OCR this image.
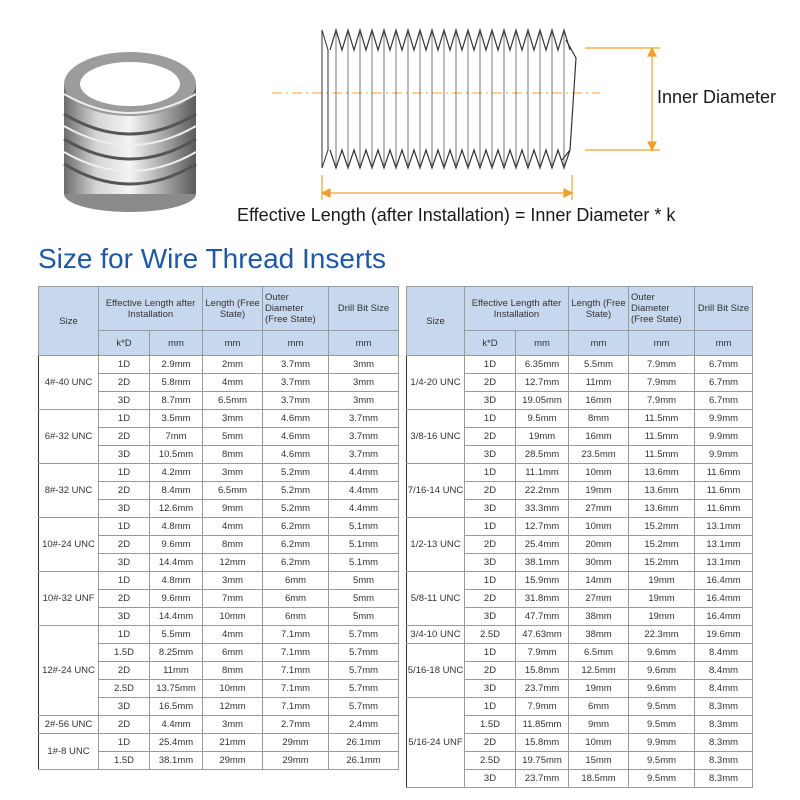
Inner Diameter
Effective Length (after Installation) = Inner Diameter * k
Size for Wire Thread Inserts
Size	Effective Length after Installation		Length (Free State)	Outer Diameter (Free State)	Drill Bit Size
	k*D	mm	mm	mm	mm
4#-40 UNC	1D	2.9mm	2mm	3.7mm	3mm
	2D	5.8mm	4mm	3.7mm	3mm
	3D	8.7mm	6.5mm	3.7mm	3mm
6#-32 UNC	1D	3.5mm	3mm	4.6mm	3.7mm
	2D	7mm	5mm	4.6mm	3.7mm
	3D	10.5mm	8mm	4.6mm	3.7mm
8#-32 UNC	1D	4.2mm	3mm	5.2mm	4.4mm
	2D	8.4mm	6.5mm	5.2mm	4.4mm
	3D	12.6mm	9mm	5.2mm	4.4mm
10#-24 UNC	1D	4.8mm	4mm	6.2mm	5.1mm
	2D	9.6mm	8mm	6.2mm	5.1mm
	3D	14.4mm	12mm	6.2mm	5.1mm
10#-32 UNF	1D	4.8mm	3mm	6mm	5mm
	2D	9.6mm	7mm	6mm	5mm
	3D	14.4mm	10mm	6mm	5mm
12#-24 UNC	1D	5.5mm	4mm	7.1mm	5.7mm
	1.5D	8.25mm	6mm	7.1mm	5.7mm
	2D	11mm	8mm	7.1mm	5.7mm
	2.5D	13.75mm	10mm	7.1mm	5.7mm
	3D	16.5mm	12mm	7.1mm	5.7mm
2#-56 UNC	2D	4.4mm	3mm	2.7mm	2.4mm
1#-8 UNC	1D	25.4mm	21mm	29mm	26.1mm
	1.5D	38.1mm	29mm	29mm	26.1mm
Size	Effective Length after Installation		Length (Free State)	Outer Diameter (Free State)	Drill Bit Size
	k*D	mm	mm	mm	mm
1/4-20 UNC	1D	6.35mm	5.5mm	7.9mm	6.7mm
	2D	12.7mm	11mm	7.9mm	6.7mm
	3D	19.05mm	16mm	7.9mm	6.7mm
3/8-16 UNC	1D	9.5mm	8mm	11.5mm	9.9mm
	2D	19mm	16mm	11.5mm	9.9mm
	3D	28.5mm	23.5mm	11.5mm	9.9mm
7/16-14 UNC	1D	11.1mm	10mm	13.6mm	11.6mm
	2D	22.2mm	19mm	13.6mm	11.6mm
	3D	33.3mm	27mm	13.6mm	11.6mm
1/2-13 UNC	1D	12.7mm	10mm	15.2mm	13.1mm
	2D	25.4mm	20mm	15.2mm	13.1mm
	3D	38.1mm	30mm	15.2mm	13.1mm
5/8-11 UNC	1D	15.9mm	14mm	19mm	16.4mm
	2D	31.8mm	27mm	19mm	16.4mm
	3D	47.7mm	38mm	19mm	16.4mm
3/4-10 UNC	2.5D	47.63mm	38mm	22.3mm	19.6mm
5/16-18 UNC	1D	7.9mm	6.5mm	9.6mm	8.4mm
	2D	15.8mm	12.5mm	9.6mm	8.4mm
	3D	23.7mm	19mm	9.6mm	8.4mm
5/16-24 UNF	1D	7.9mm	6mm	9.5mm	8.3mm
	1.5D	11.85mm	9mm	9.5mm	8.3mm
	2D	15.8mm	10mm	9.9mm	8.3mm
	2.5D	19.75mm	15mm	9.5mm	8.3mm
	3D	23.7mm	18.5mm	9.5mm	8.3mm
